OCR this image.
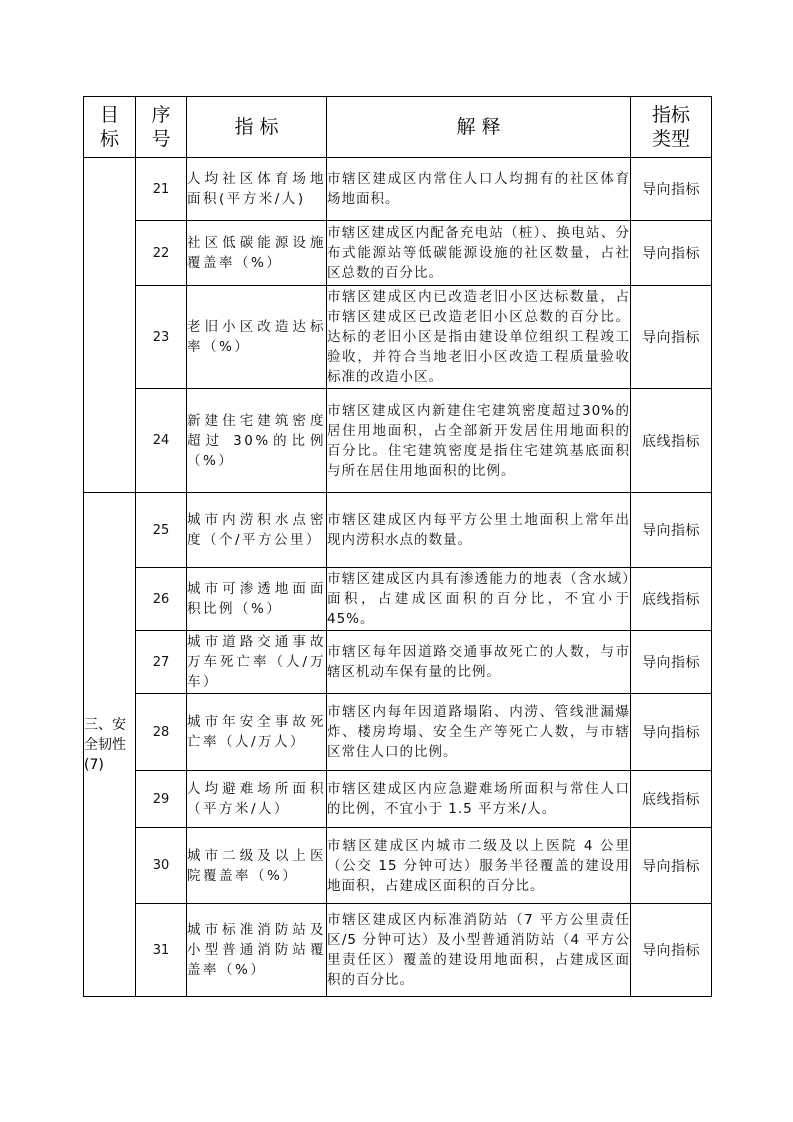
目标	序号	指 标	解 释	指标类型
	21	人均社区体育场地面积(平方米/人)	市辖区建成区内常住人口人均拥有的社区体育场地面积。	导向指标
	22	社区低碳能源设施覆盖率（%）	市辖区建成区内配备充电站（桩）、换电站、分布式能源站等低碳能源设施的社区数量，占社区总数的百分比。	导向指标
	23	老旧小区改造达标率（%）	市辖区建成区内已改造老旧小区达标数量，占市辖区建成区已改造老旧小区总数的百分比。达标的老旧小区是指由建设单位组织工程竣工验收，并符合当地老旧小区改造工程质量验收标准的改造小区。	导向指标
	24	新建住宅建筑密度超过 30%的比例（%）	市辖区建成区内新建住宅建筑密度超过30%的居住用地面积，占全部新开发居住用地面积的百分比。住宅建筑密度是指住宅建筑基底面积与所在居住用地面积的比例。	底线指标
三、安全韧性(7)	25	城市内涝积水点密度（个/平方公里）	市辖区建成区内每平方公里土地面积上常年出现内涝积水点的数量。	导向指标
	26	城市可渗透地面面积比例（%）	市辖区建成区内具有渗透能力的地表（含水域）面积，占建成区面积的百分比，不宜小于 45%。	底线指标
	27	城市道路交通事故万车死亡率（人/万车）	市辖区每年因道路交通事故死亡的人数，与市辖区机动车保有量的比例。	导向指标
	28	城市年安全事故死亡率（人/万人）	市辖区内每年因道路塌陷、内涝、管线泄漏爆炸、楼房垮塌、安全生产等死亡人数，与市辖区常住人口的比例。	导向指标
	29	人均避难场所面积（平方米/人）	市辖区建成区内应急避难场所面积与常住人口的比例，不宜小于 1.5 平方米/人。	底线指标
	30	城市二级及以上医院覆盖率（%）	市辖区建成区内城市二级及以上医院 4 公里（公交 15 分钟可达）服务半径覆盖的建设用地面积，占建成区面积的百分比。	导向指标
	31	城市标准消防站及小型普通消防站覆盖率（%）	市辖区建成区内标准消防站（7 平方公里责任区/5 分钟可达）及小型普通消防站（4 平方公里责任区）覆盖的建设用地面积，占建成区面积的百分比。	导向指标
